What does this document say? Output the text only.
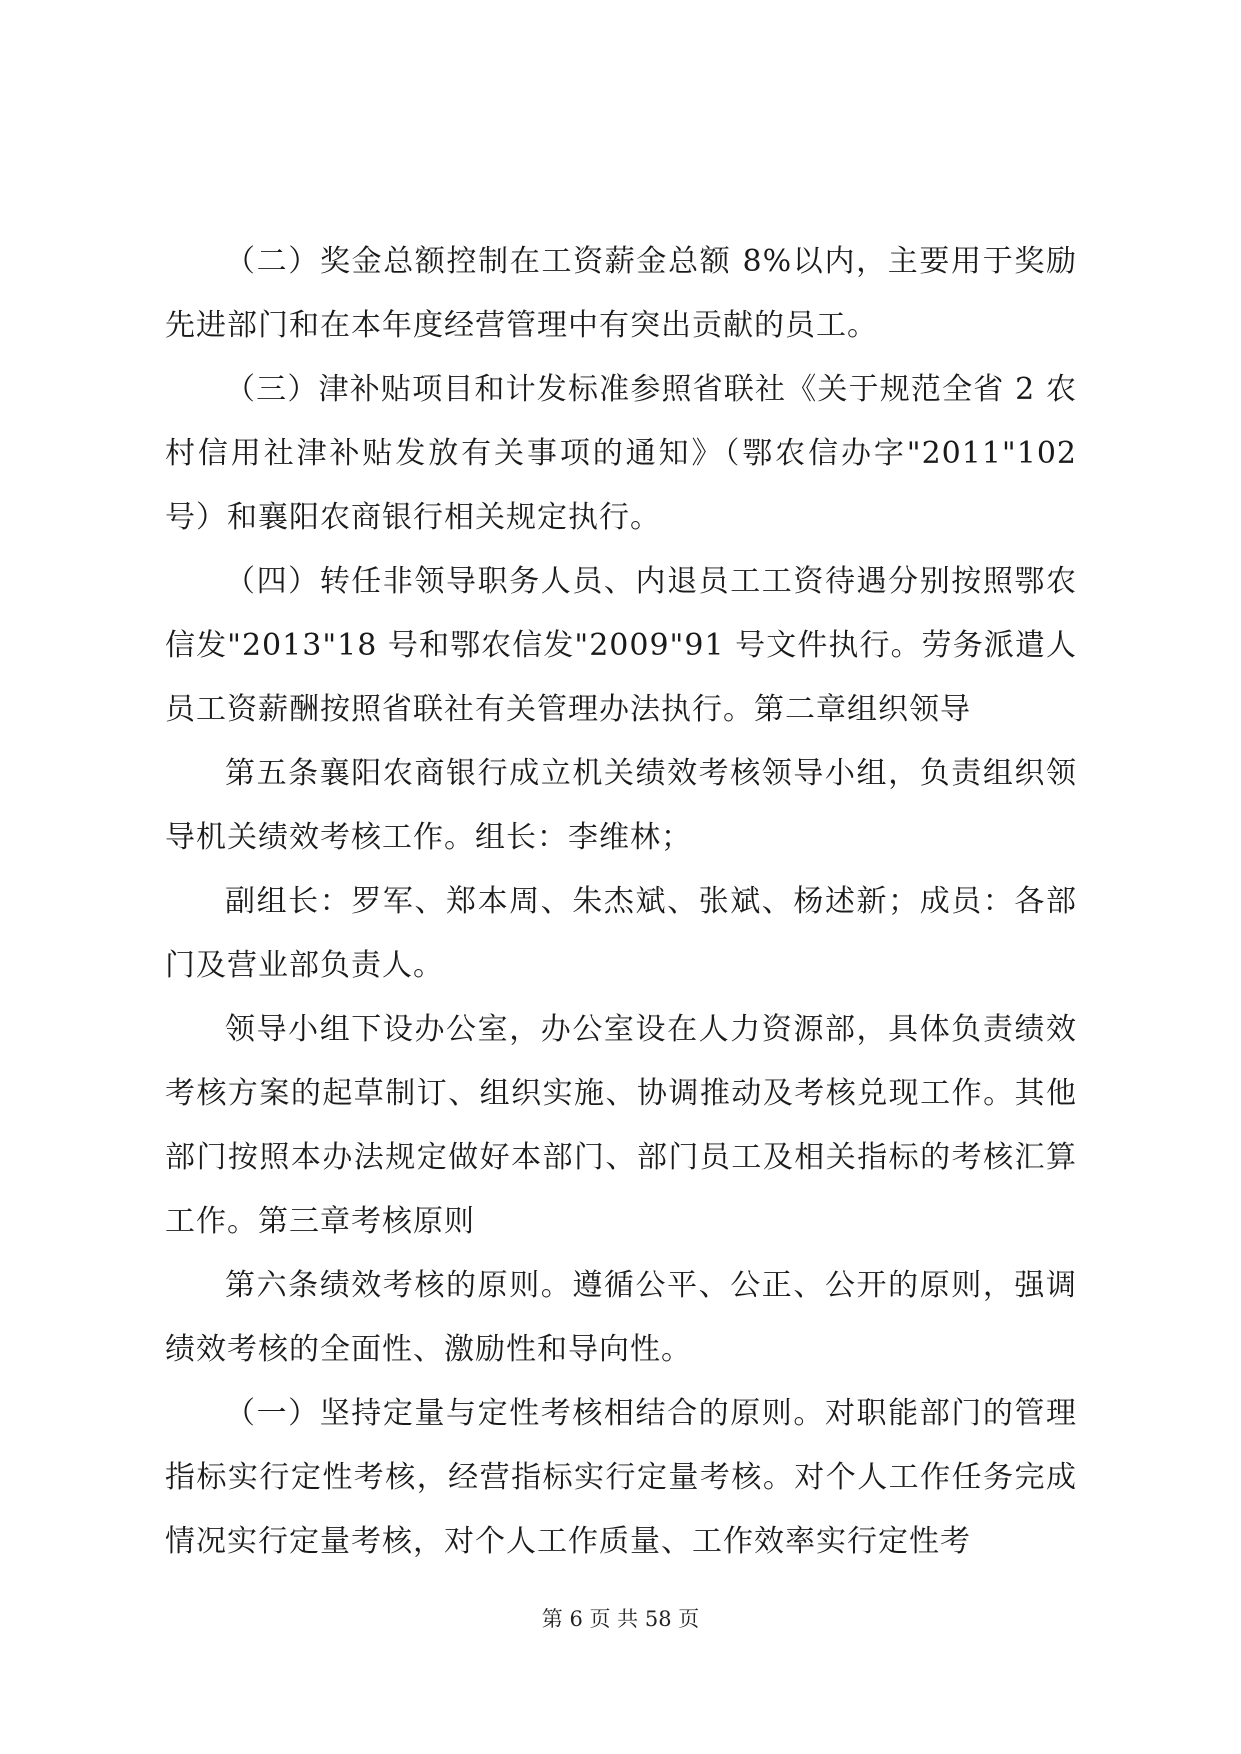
（二）奖金总额控制在工资薪金总额 8%以内，主要用于奖励先进部门和在本年度经营管理中有突出贡献的员工。

（三）津补贴项目和计发标准参照省联社《关于规范全省 2 农村信用社津补贴发放有关事项的通知》（鄂农信办字"2011"102 号）和襄阳农商银行相关规定执行。

（四）转任非领导职务人员、内退员工工资待遇分别按照鄂农信发"2013"18 号和鄂农信发"2009"91 号文件执行。劳务派遣人员工资薪酬按照省联社有关管理办法执行。第二章组织领导

第五条襄阳农商银行成立机关绩效考核领导小组，负责组织领导机关绩效考核工作。组长：李维林；

副组长：罗军、郑本周、朱杰斌、张斌、杨述新；成员：各部门及营业部负责人。

领导小组下设办公室，办公室设在人力资源部，具体负责绩效考核方案的起草制订、组织实施、协调推动及考核兑现工作。其他部门按照本办法规定做好本部门、部门员工及相关指标的考核汇算工作。第三章考核原则

第六条绩效考核的原则。遵循公平、公正、公开的原则，强调绩效考核的全面性、激励性和导向性。

（一）坚持定量与定性考核相结合的原则。对职能部门的管理指标实行定性考核，经营指标实行定量考核。对个人工作任务完成情况实行定量考核，对个人工作质量、工作效率实行定性考

第 6 页 共 58 页
